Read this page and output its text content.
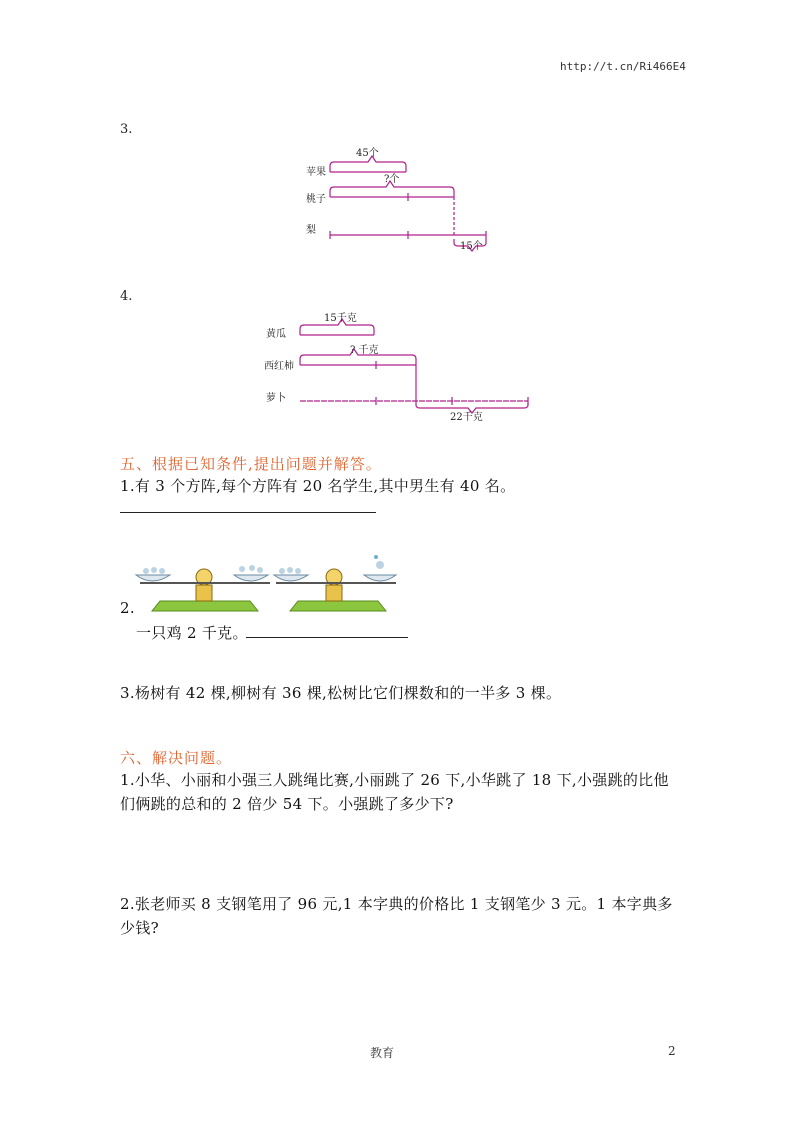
http://t.cn/Ri466E4
3.
45个
?个
15个
苹果
桃子
梨
4.
15千克
? 千克
22千克
黄瓜
西红柿
萝卜
五、根据已知条件,提出问题并解答。
1.有 3 个方阵,每个方阵有 20 名学生,其中男生有 40 名。
2.
一只鸡 2 千克。
3.杨树有 42 棵,柳树有 36 棵,松树比它们棵数和的一半多 3 棵。
六、解决问题。
1.小华、小丽和小强三人跳绳比赛,小丽跳了 26 下,小华跳了 18 下,小强跳的比他
们俩跳的总和的 2 倍少 54 下。小强跳了多少下?
2.张老师买 8 支钢笔用了 96 元,1 本字典的价格比 1 支钢笔少 3 元。1 本字典多
少钱?
教育	2
